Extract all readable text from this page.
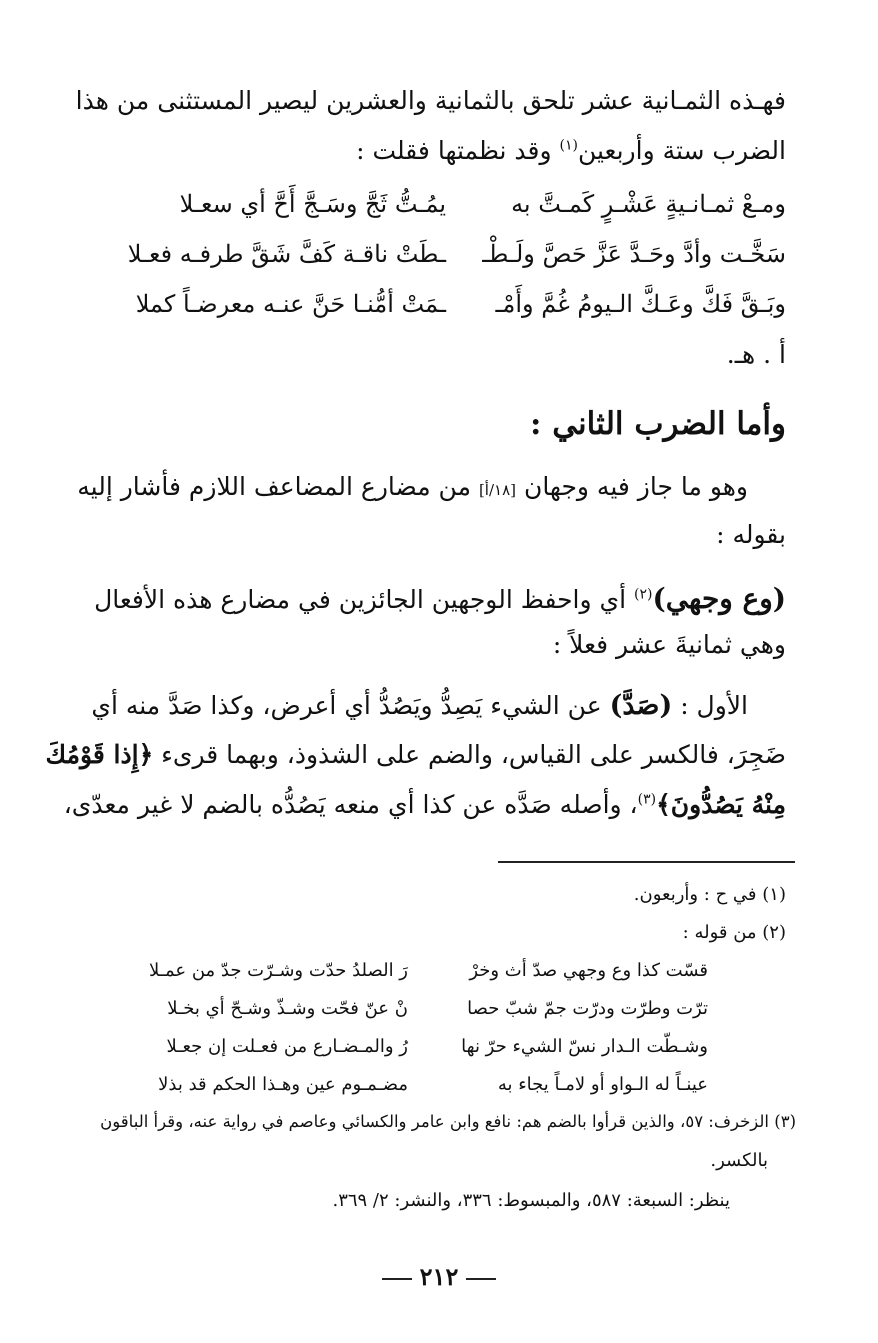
فهـذه الثمـانية عشر تلحق بالثمانية والعشرين ليصير المستثنى من هذا
الضرب ستة وأربعين$^{(١)}$ وقد نظمتها فقلت :
ومـعْ ثمـانـيةٍ عَشْـرٍ كَمـتَّ به
يمُـتُّ ثَجَّ وسَـجَّ أَحَّ أي سعـلا
سَخَّـت وأدَّ وحَـدَّ عَزَّ حَصَّ ولَـطْـ
ـطَتْ ناقـة كَفَّ شَقَّ طرفـه فعـلا
وبَـقَّ فَكَّ وعَـكَّ الـيومُ غُمَّ وأَمْـ
ـمَتْ أمُّنـا حَنَّ عنـه معرضـاً كملا
أ . هـ.
وأما الضرب الثاني :
وهو ما جاز فيه وجهان [١٨/أ] من مضارع المضاعف اللازم فأشار إليه
بقوله :
(وع وجهي)$^{(٢)}$ أي واحفظ الوجهين الجائزين في مضارع هذه الأفعال
وهي ثمانيةَ عشر فعلاً :
الأول : (صَدَّ) عن الشيء يَصِدُّ ويَصُدُّ أي أعرض، وكذا صَدَّ منه أي
ضَجِرَ، فالكسر على القياس، والضم على الشذوذ، وبهما قرىء ﴿إِذا قَوْمُكَ
مِنْهُ يَصُدُّونَ﴾$^{(٣)}$، وأصله صَدَّه عن كذا أي منعه يَصُدُّه بالضم لا غير معدّى،
(١) في ح : وأربعون.
(٢) من قوله :
قسّت كذا وع وجهي صدّ أث وخرْ
رَ الصلدُ حدّت وشـرّت جدّ من عمـلا
ترّت وطرّت ودرّت جمّ شبّ حصا
نْ عنّ فحّت وشـذّ وشـحّ أي بخـلا
وشـطّت الـدار نسّ الشيء حرّ نها
رُ والمـضـارع من فعـلت إن جعـلا
عينـاً له الـواو أو لامـاً يجاء به
مضـمـوم عين وهـذا الحكم قد بذلا
(٣) الزخرف: ٥٧، والذين قرأوا بالضم هم: نافع وابن عامر والكسائي وعاصم في رواية عنه، وقرأ الباقون
بالكسر.
ينظر: السبعة: ٥٨٧، والمبسوط: ٣٣٦، والنشر: ٢/ ٣٦٩.
٢١٢
